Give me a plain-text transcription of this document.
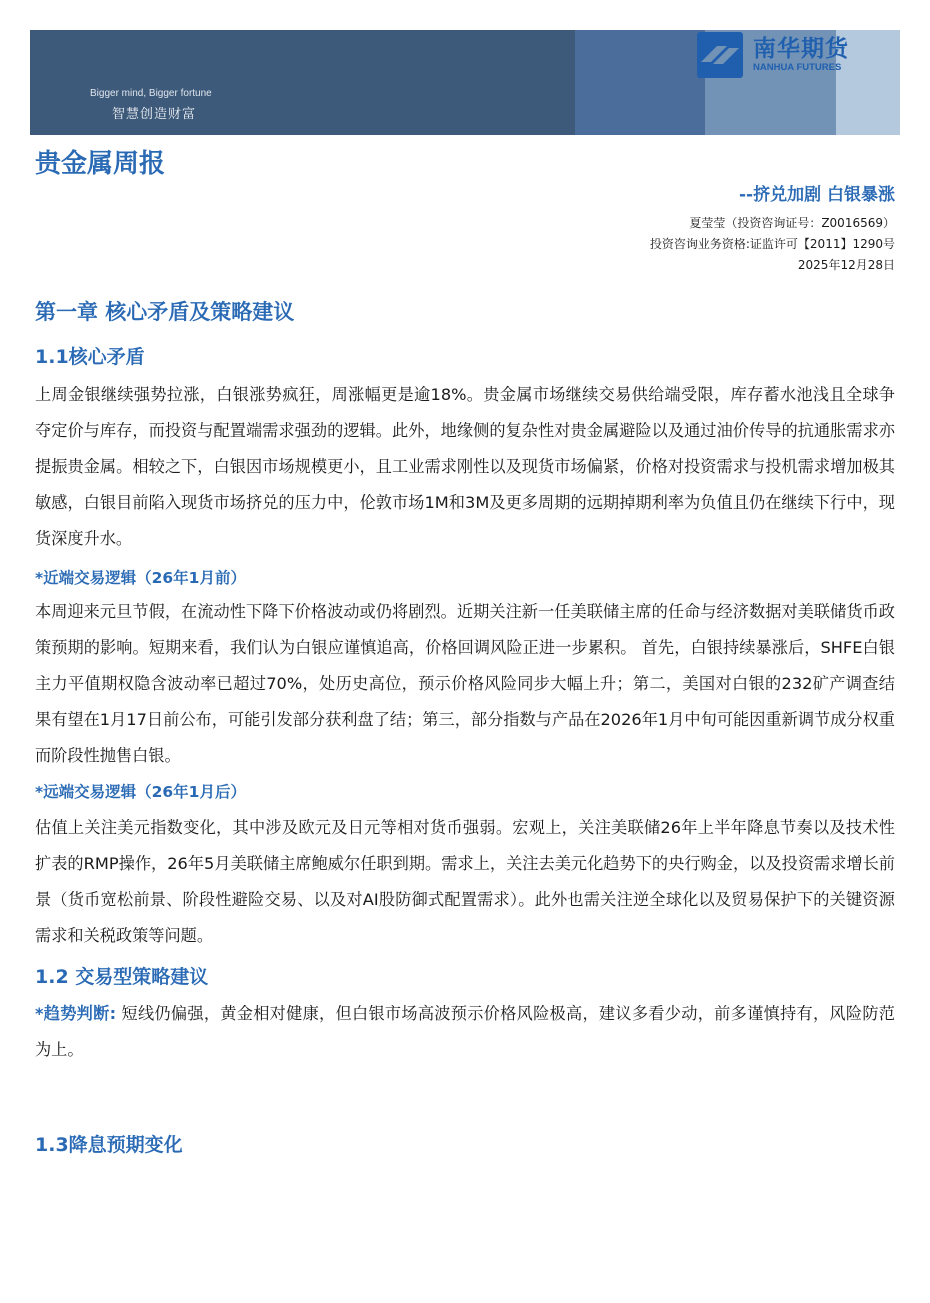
Bigger mind, Bigger fortune
智慧创造财富
南华期货
NANHUA FUTURES
贵金属周报
--挤兑加剧 白银暴涨
夏莹莹（投资咨询证号：Z0016569）
投资咨询业务资格:证监许可【2011】1290号
2025年12月28日
第一章 核心矛盾及策略建议
1.1核心矛盾
上周金银继续强势拉涨，白银涨势疯狂，周涨幅更是逾18%。贵金属市场继续交易供给端受限，库存蓄水池浅且全球争夺定价与库存，而投资与配置端需求强劲的逻辑。此外，地缘侧的复杂性对贵金属避险以及通过油价传导的抗通胀需求亦提振贵金属。相较之下，白银因市场规模更小，且工业需求刚性以及现货市场偏紧，价格对投资需求与投机需求增加极其敏感，白银目前陷入现货市场挤兑的压力中，伦敦市场1M和3M及更多周期的远期掉期利率为负值且仍在继续下行中，现货深度升水。
*近端交易逻辑（26年1月前）
本周迎来元旦节假，在流动性下降下价格波动或仍将剧烈。近期关注新一任美联储主席的任命与经济数据对美联储货币政策预期的影响。短期来看，我们认为白银应谨慎追高，价格回调风险正进一步累积。 首先，白银持续暴涨后，SHFE白银主力平值期权隐含波动率已超过70%，处历史高位，预示价格风险同步大幅上升；第二，美国对白银的232矿产调查结果有望在1月17日前公布，可能引发部分获利盘了结；第三，部分指数与产品在2026年1月中旬可能因重新调节成分权重而阶段性抛售白银。
*远端交易逻辑（26年1月后）
估值上关注美元指数变化，其中涉及欧元及日元等相对货币强弱。宏观上，关注美联储26年上半年降息节奏以及技术性扩表的RMP操作，26年5月美联储主席鲍威尔任职到期。需求上，关注去美元化趋势下的央行购金，以及投资需求增长前景（货币宽松前景、阶段性避险交易、以及对AI股防御式配置需求）。此外也需关注逆全球化以及贸易保护下的关键资源需求和关税政策等问题。
1.2 交易型策略建议
*趋势判断: 短线仍偏强，黄金相对健康，但白银市场高波预示价格风险极高，建议多看少动，前多谨慎持有，风险防范为上。
1.3降息预期变化
